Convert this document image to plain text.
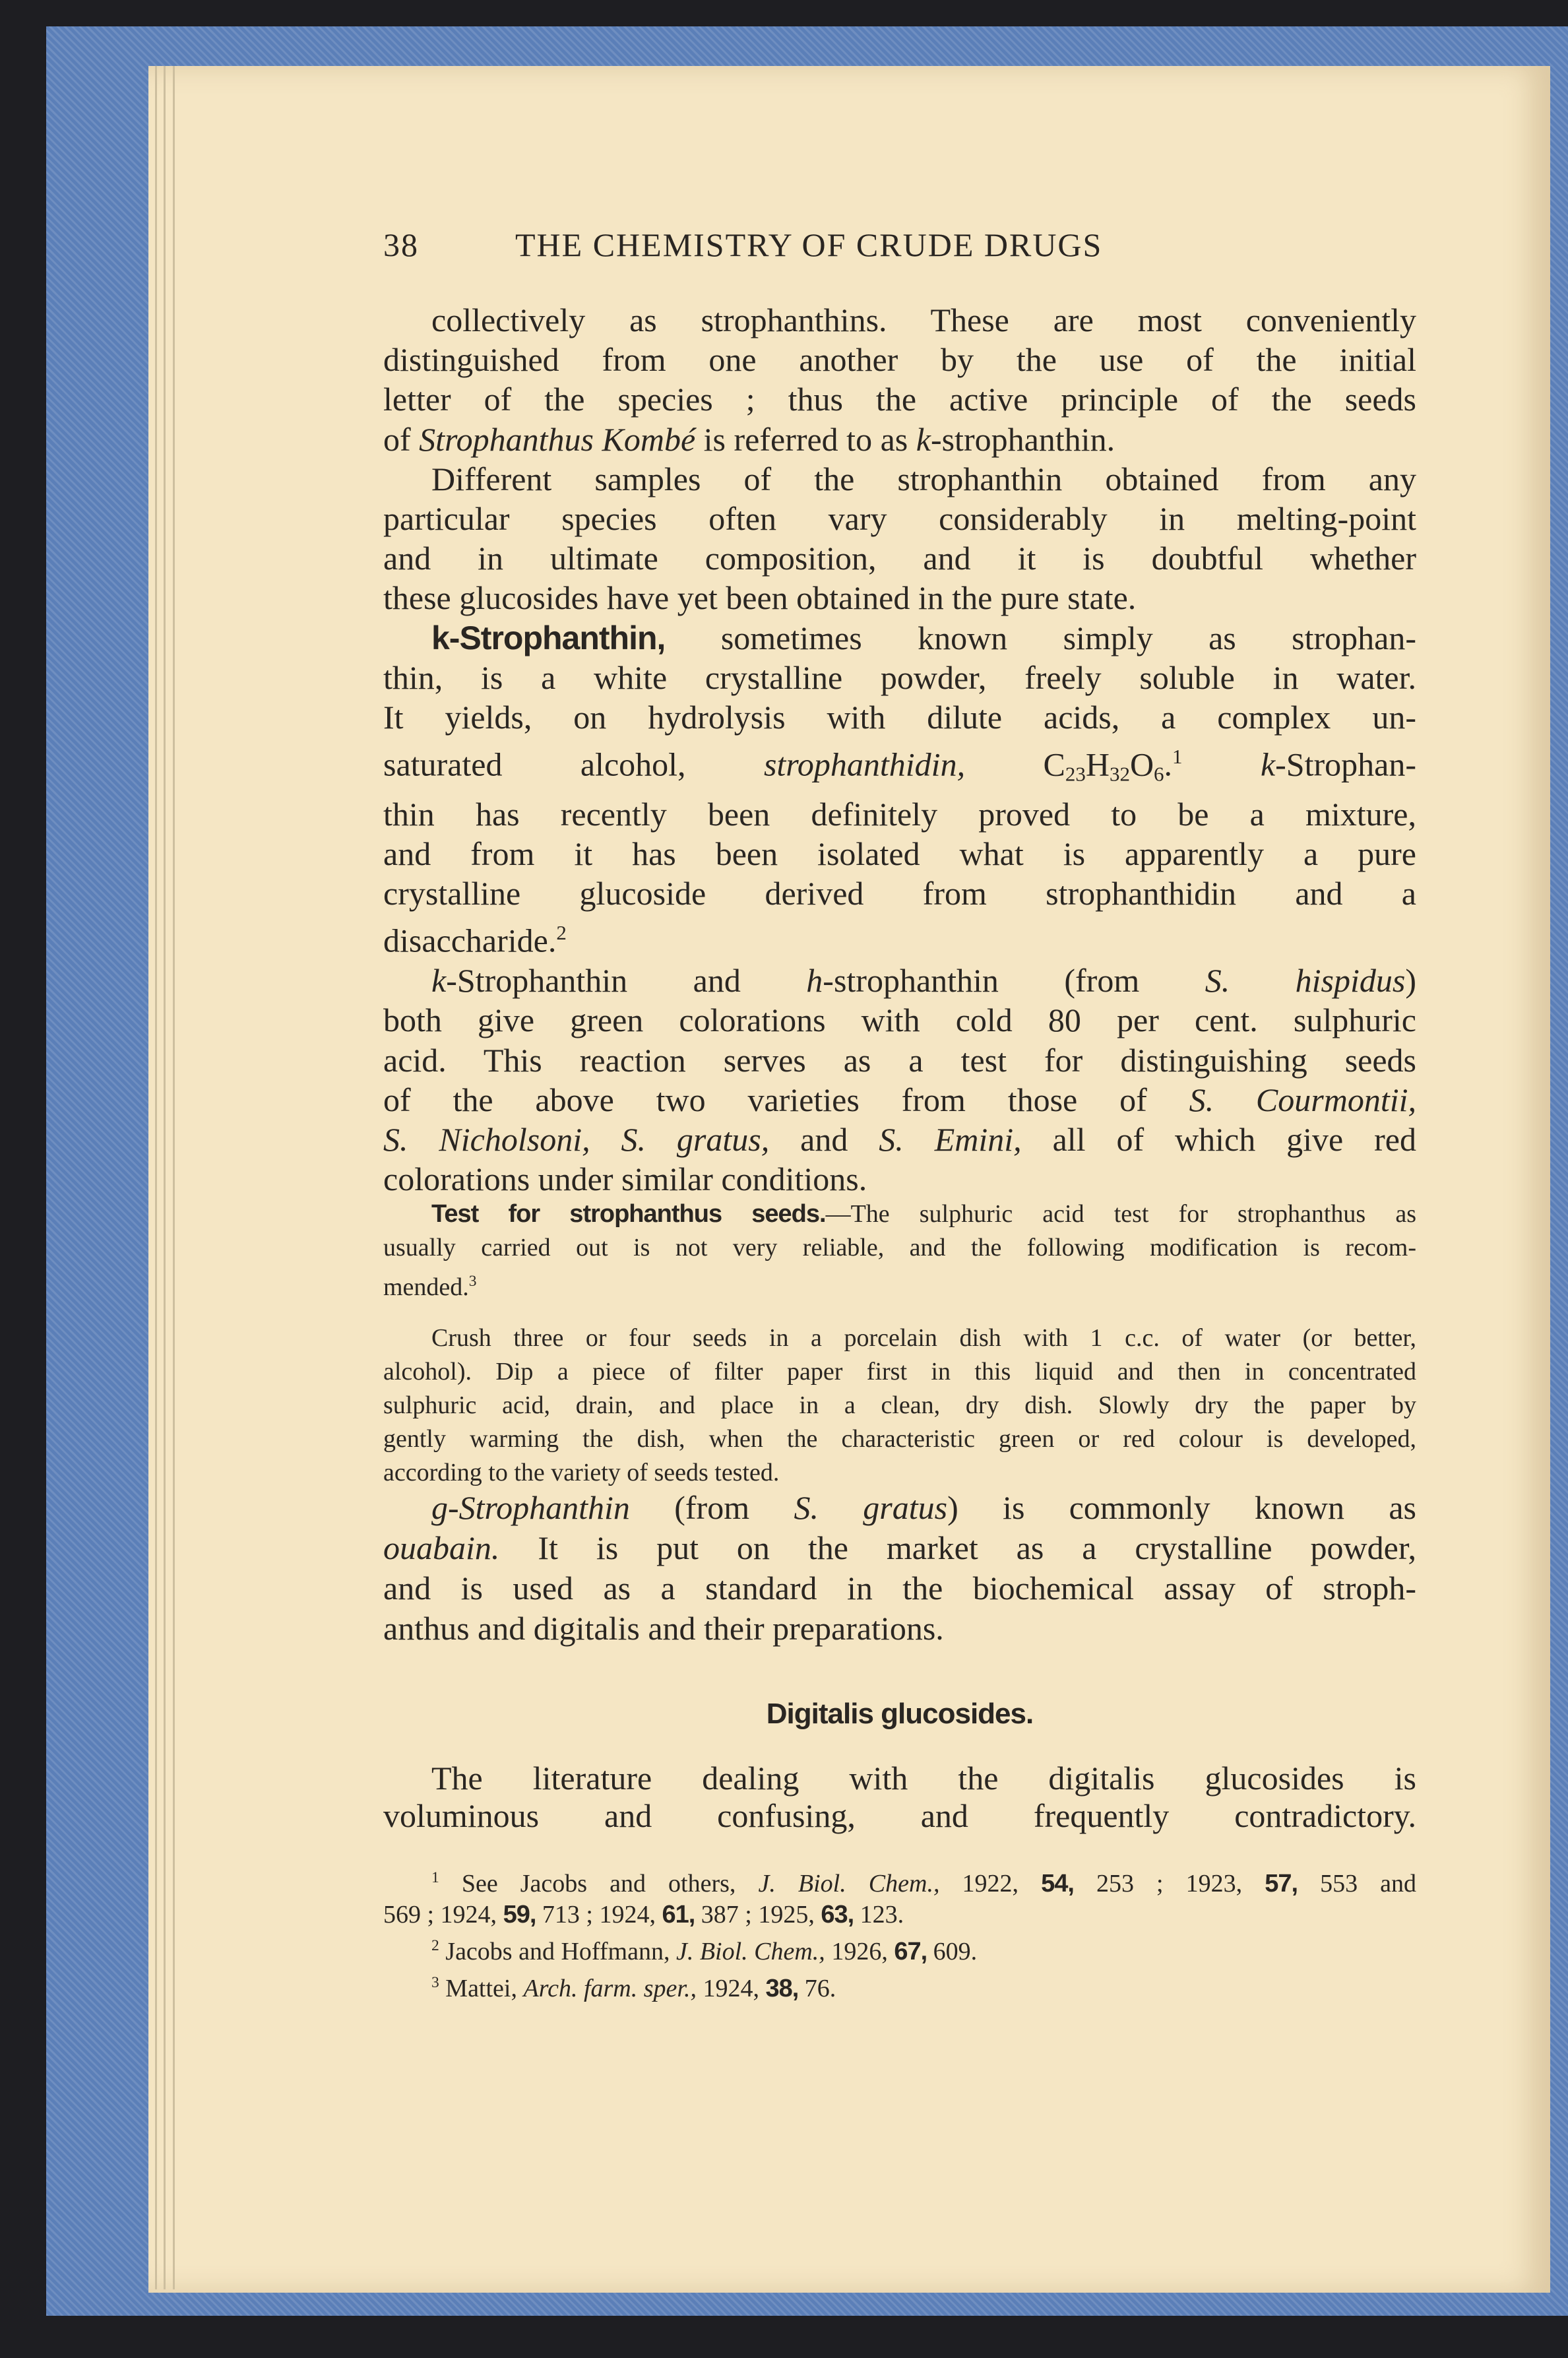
38	THE CHEMISTRY OF CRUDE DRUGS
collectively as strophanthins. These are most conveniently
distinguished from one another by the use of the initial
letter of the species ; thus the active principle of the seeds
of Strophanthus Kombé is referred to as k-strophanthin.
Different samples of the strophanthin obtained from any
particular species often vary considerably in melting-point
and in ultimate composition, and it is doubtful whether
these glucosides have yet been obtained in the pure state.
k-Strophanthin, sometimes known simply as strophan-
thin, is a white crystalline powder, freely soluble in water.
It yields, on hydrolysis with dilute acids, a complex un-
saturated alcohol, strophanthidin, $C_{23}H_{32}O_6.^1$ k-Strophan-
thin has recently been definitely proved to be a mixture,
and from it has been isolated what is apparently a pure
crystalline glucoside derived from strophanthidin and a
disaccharide.$^2$
k-Strophanthin and h-strophanthin (from S. hispidus)
both give green colorations with cold 80 per cent. sulphuric
acid. This reaction serves as a test for distinguishing seeds
of the above two varieties from those of S. Courmontii,
S. Nicholsoni, S. gratus, and S. Emini, all of which give red
colorations under similar conditions.
Test for strophanthus seeds.—The sulphuric acid test for strophanthus as
usually carried out is not very reliable, and the following modification is recom-
mended.$^3$
Crush three or four seeds in a porcelain dish with 1 c.c. of water (or better,
alcohol). Dip a piece of filter paper first in this liquid and then in concentrated
sulphuric acid, drain, and place in a clean, dry dish. Slowly dry the paper by
gently warming the dish, when the characteristic green or red colour is developed,
according to the variety of seeds tested.
g-Strophanthin (from S. gratus) is commonly known as
ouabain. It is put on the market as a crystalline powder,
and is used as a standard in the biochemical assay of stroph-
anthus and digitalis and their preparations.
Digitalis glucosides.
The literature dealing with the digitalis glucosides is
voluminous and confusing, and frequently contradictory.
$^1$ See Jacobs and others, J. Biol. Chem., 1922, 54, 253 ; 1923, 57, 553 and
569 ; 1924, 59, 713 ; 1924, 61, 387 ; 1925, 63, 123.
$^2$ Jacobs and Hoffmann, J. Biol. Chem., 1926, 67, 609.
$^3$ Mattei, Arch. farm. sper., 1924, 38, 76.
